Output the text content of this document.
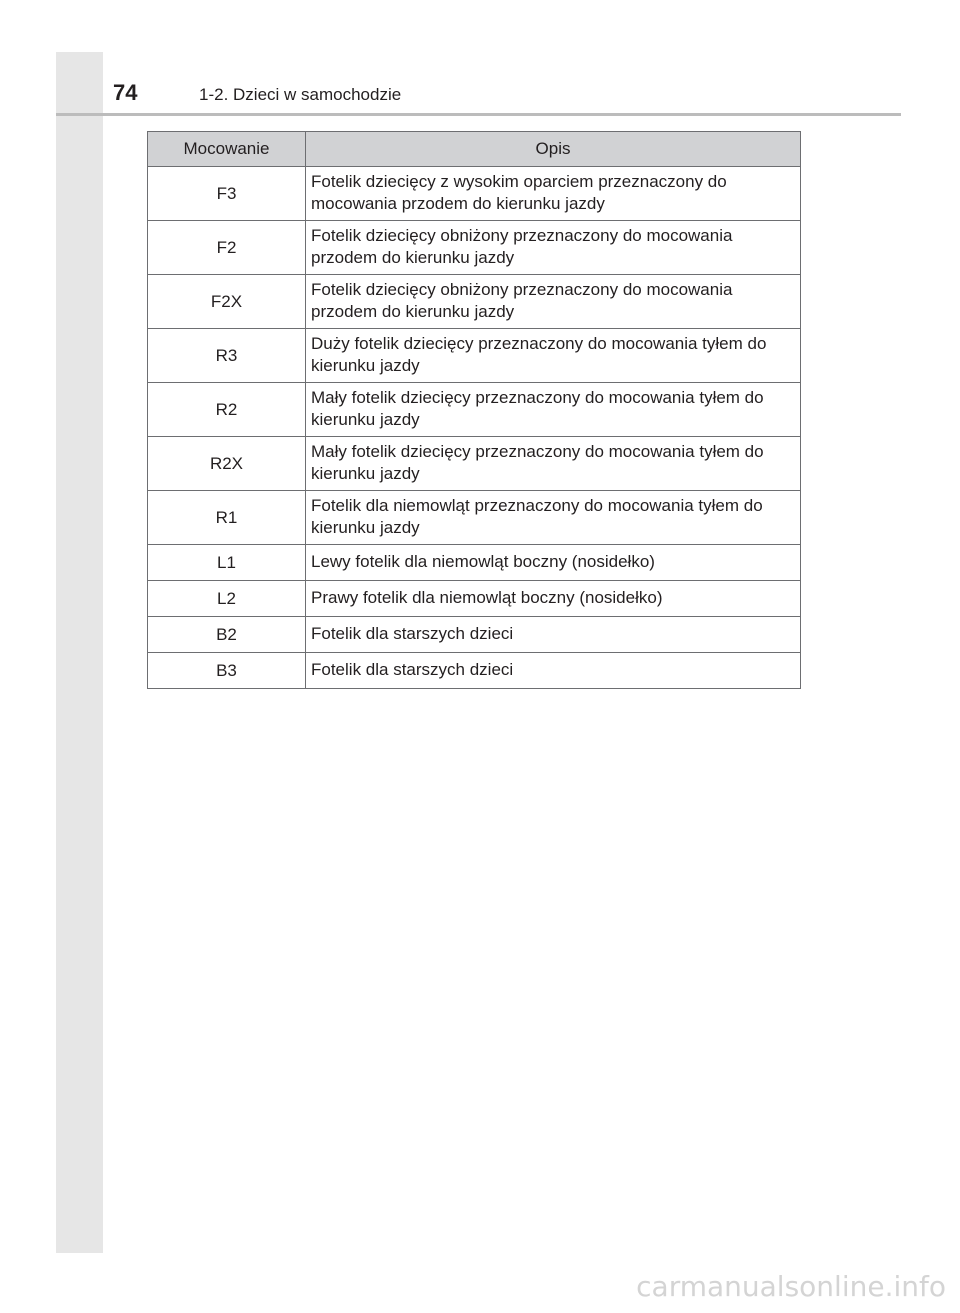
74	1-2. Dzieci w samochodzie
Mocowanie	Opis
F3	Fotelik dziecięcy z wysokim oparciem przeznaczony do mocowania przodem do kierunku jazdy
F2	Fotelik dziecięcy obniżony przeznaczony do mocowania przodem do kierunku jazdy
F2X	Fotelik dziecięcy obniżony przeznaczony do mocowania przodem do kierunku jazdy
R3	Duży fotelik dziecięcy przeznaczony do mocowania tyłem do kierunku jazdy
R2	Mały fotelik dziecięcy przeznaczony do mocowania tyłem do kierunku jazdy
R2X	Mały fotelik dziecięcy przeznaczony do mocowania tyłem do kierunku jazdy
R1	Fotelik dla niemowląt przeznaczony do mocowania tyłem do kierunku jazdy
L1	Lewy fotelik dla niemowląt boczny (nosidełko)
L2	Prawy fotelik dla niemowląt boczny (nosidełko)
B2	Fotelik dla starszych dzieci
B3	Fotelik dla starszych dzieci
carmanualsonline.info
